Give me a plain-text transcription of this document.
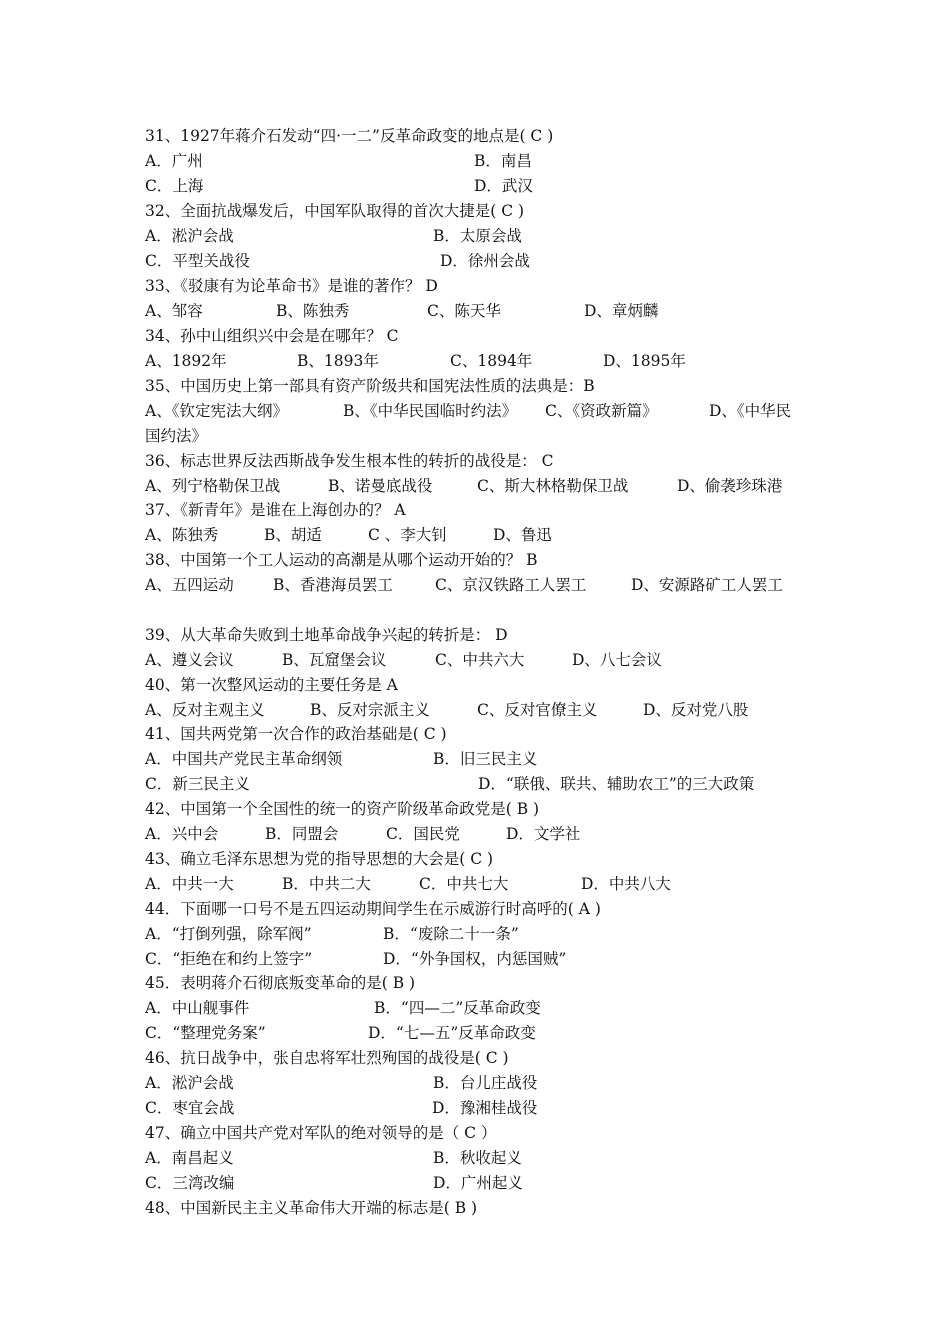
31、1927年蒋介石发动“四·一二”反革命政变的地点是( C )
A．广州	B．南昌
C．上海	D．武汉
32、全面抗战爆发后，中国军队取得的首次大捷是( C )
A．淞沪会战	B．太原会战
C．平型关战役	D．徐州会战
33、《驳康有为论革命书》是谁的著作？ D
A、邹容	B、陈独秀	C、陈天华	D、章炳麟
34、孙中山组织兴中会是在哪年？ C
A、1892年	B、1893年	C、1894年	D、1895年
35、中国历史上第一部具有资产阶级共和国宪法性质的法典是：B
A、《钦定宪法大纲》	B、《中华民国临时约法》 C、《资政新篇》	D、《中华民
国约法》
36、标志世界反法西斯战争发生根本性的转折的战役是： C
A、列宁格勒保卫战	B、诺曼底战役	C、斯大林格勒保卫战	D、偷袭珍珠港
37、《新青年》是谁在上海创办的？ A
A、陈独秀	B、胡适	C 、李大钊	D、鲁迅
38、中国第一个工人运动的高潮是从哪个运动开始的？ B
A、五四运动	B、香港海员罢工	C、京汉铁路工人罢工	D、安源路矿工人罢工
39、从大革命失败到土地革命战争兴起的转折是： D
A、遵义会议	B、瓦窟堡会议	C、中共六大	D、八七会议
40、第一次整风运动的主要任务是 A
A、反对主观主义	B、反对宗派主义	C、反对官僚主义	D、反对党八股
41、国共两党第一次合作的政治基础是( C )
A．中国共产党民主革命纲领	B．旧三民主义
C．新三民主义	D．“联俄、联共、辅助农工”的三大政策
42、中国第一个全国性的统一的资产阶级革命政党是( B )
A．兴中会	B．同盟会	C．国民党	D．文学社
43、确立毛泽东思想为党的指导思想的大会是( C )
A．中共一大	B．中共二大	C．中共七大	D．中共八大
44．下面哪一口号不是五四运动期间学生在示威游行时高呼的( A )
A．“打倒列强，除军阀”	B．“废除二十一条”
C．“拒绝在和约上签字”	D．“外争国权，内惩国贼”
45．表明蒋介石彻底叛变革命的是( B )
A．中山舰事件	B．“四—二”反革命政变
C．“整理党务案”	D．“七—五”反革命政变
46、抗日战争中，张自忠将军壮烈殉国的战役是( C )
A．淞沪会战	B．台儿庄战役
C．枣宜会战	D．豫湘桂战役
47、确立中国共产党对军队的绝对领导的是（ C ）
A．南昌起义	B．秋收起义
C．三湾改编	D．广州起义
48、中国新民主主义革命伟大开端的标志是( B )
